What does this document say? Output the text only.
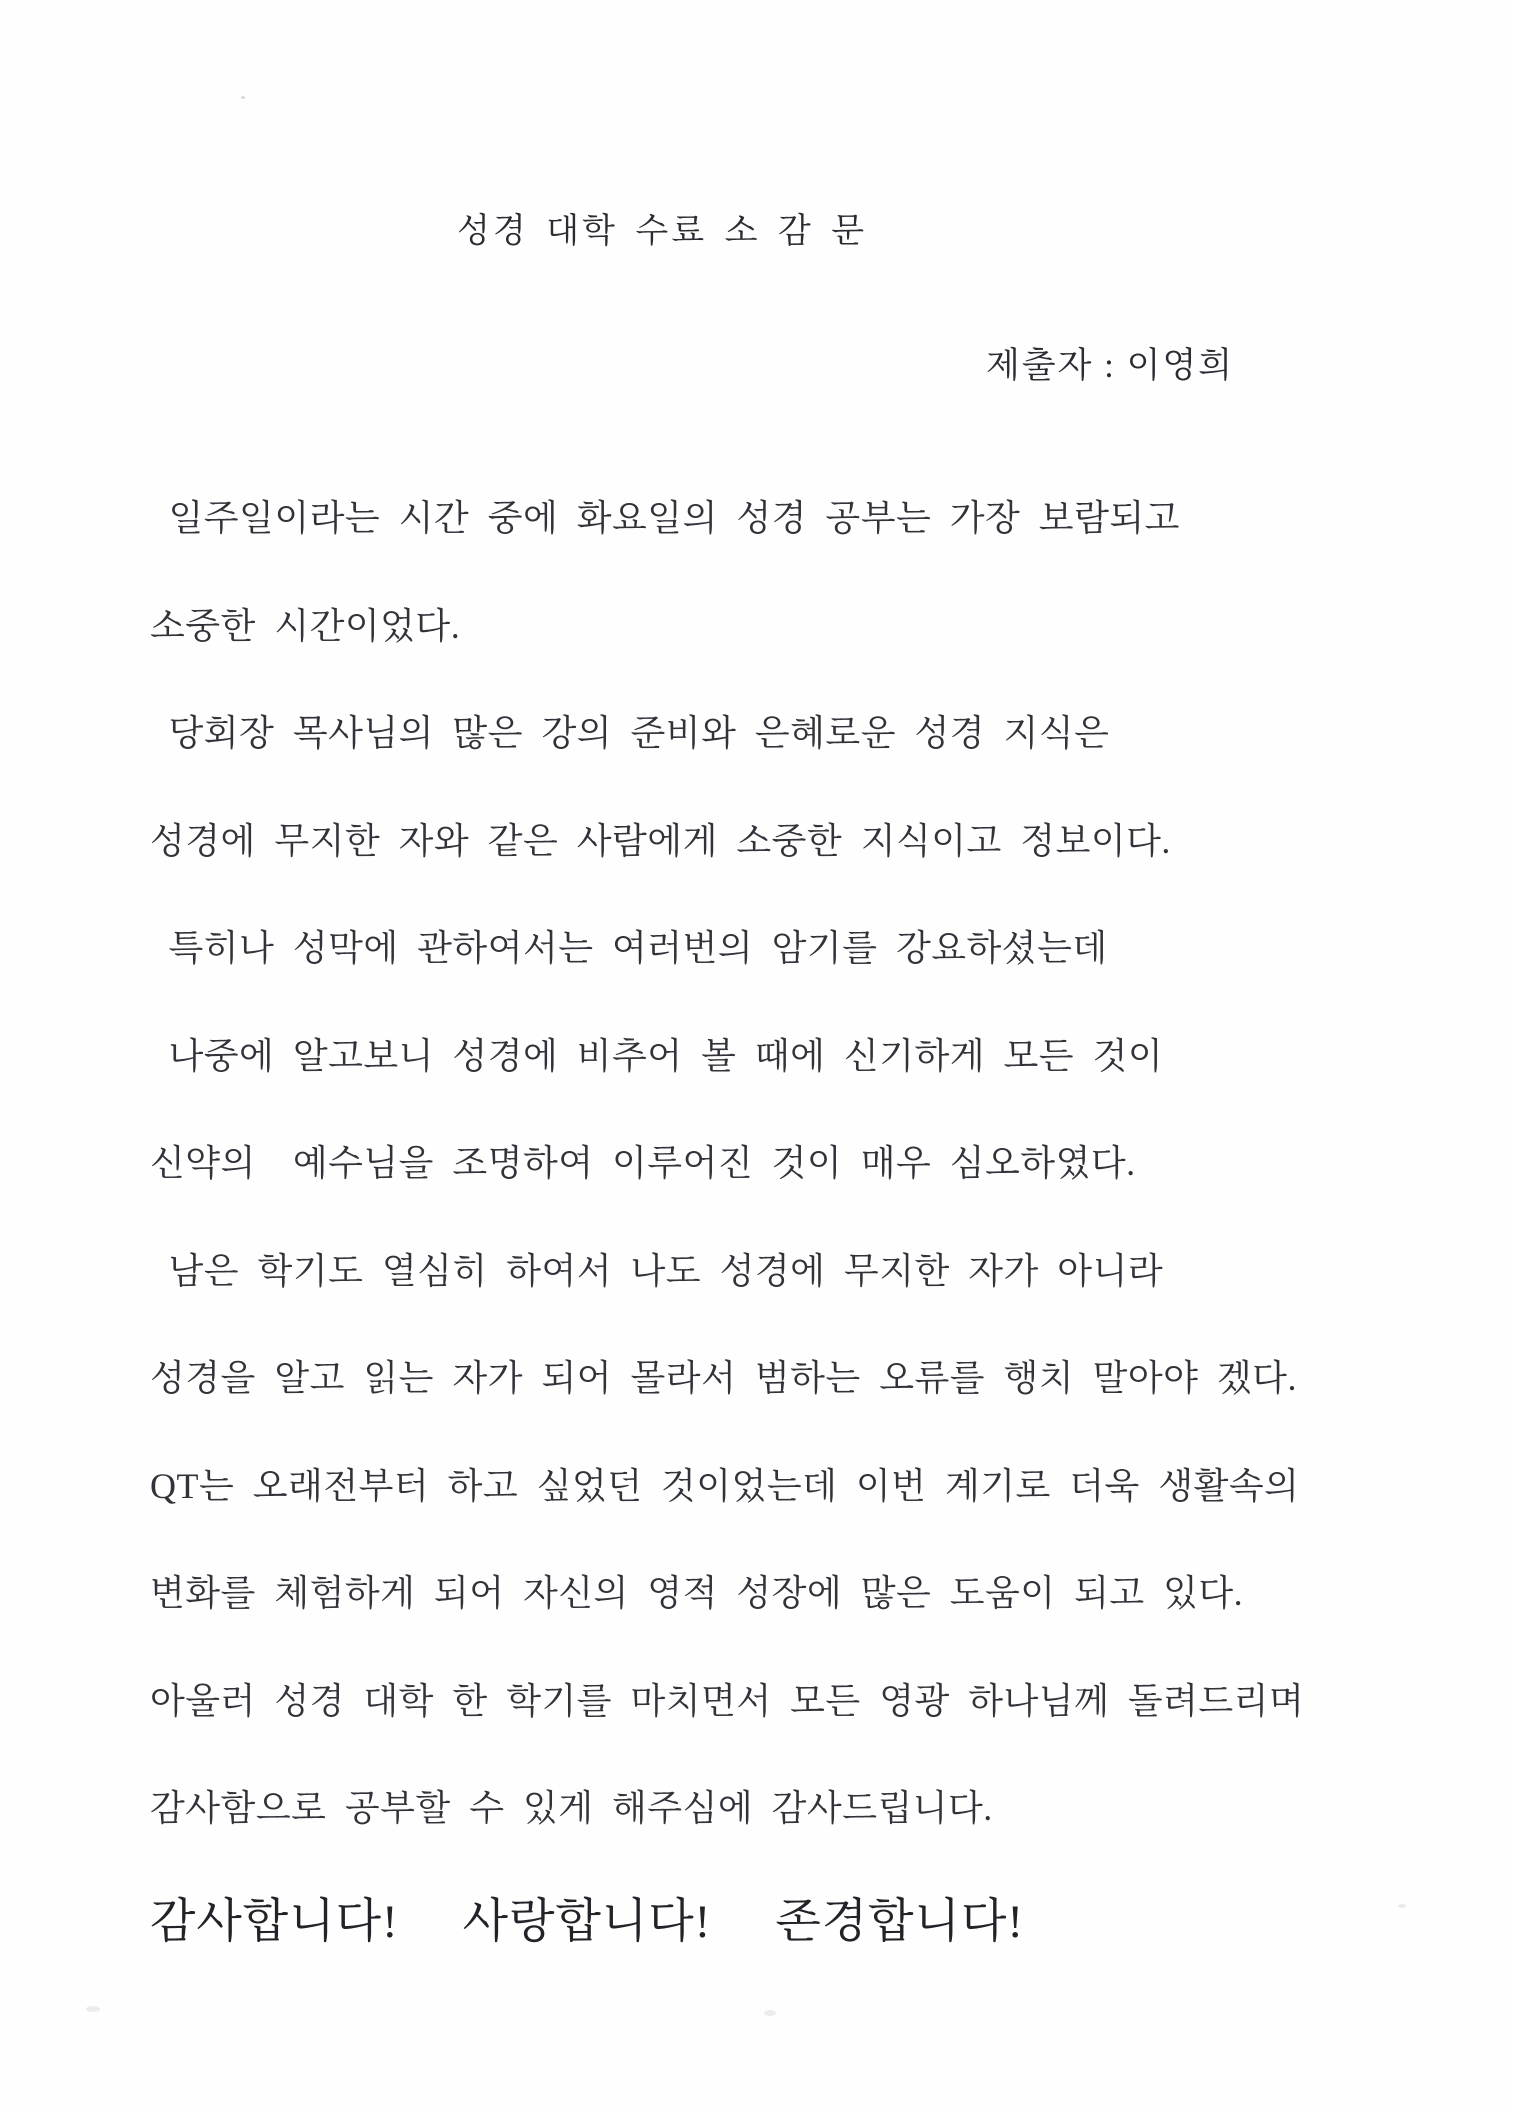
성경 대학 수료 소 감 문
제출자 : 이영희
일주일이라는 시간 중에 화요일의 성경 공부는 가장 보람되고
소중한 시간이었다.
당회장 목사님의 많은 강의 준비와 은혜로운 성경 지식은
성경에 무지한 자와 같은 사람에게 소중한 지식이고 정보이다.
특히나 성막에 관하여서는 여러번의 암기를 강요하셨는데
나중에 알고보니 성경에 비추어 볼 때에 신기하게 모든 것이
신약의  예수님을 조명하여 이루어진 것이 매우 심오하였다.
남은 학기도 열심히 하여서 나도 성경에 무지한 자가 아니라
성경을 알고 읽는 자가 되어 몰라서 범하는 오류를 행치 말아야 겠다.
QT는 오래전부터 하고 싶었던 것이었는데 이번 계기로 더욱 생활속의
변화를 체험하게 되어 자신의 영적 성장에 많은 도움이 되고 있다.
아울러 성경 대학 한 학기를 마치면서 모든 영광 하나님께 돌려드리며
감사함으로 공부할 수 있게 해주심에 감사드립니다.
감사합니다! 사랑합니다! 존경합니다!
